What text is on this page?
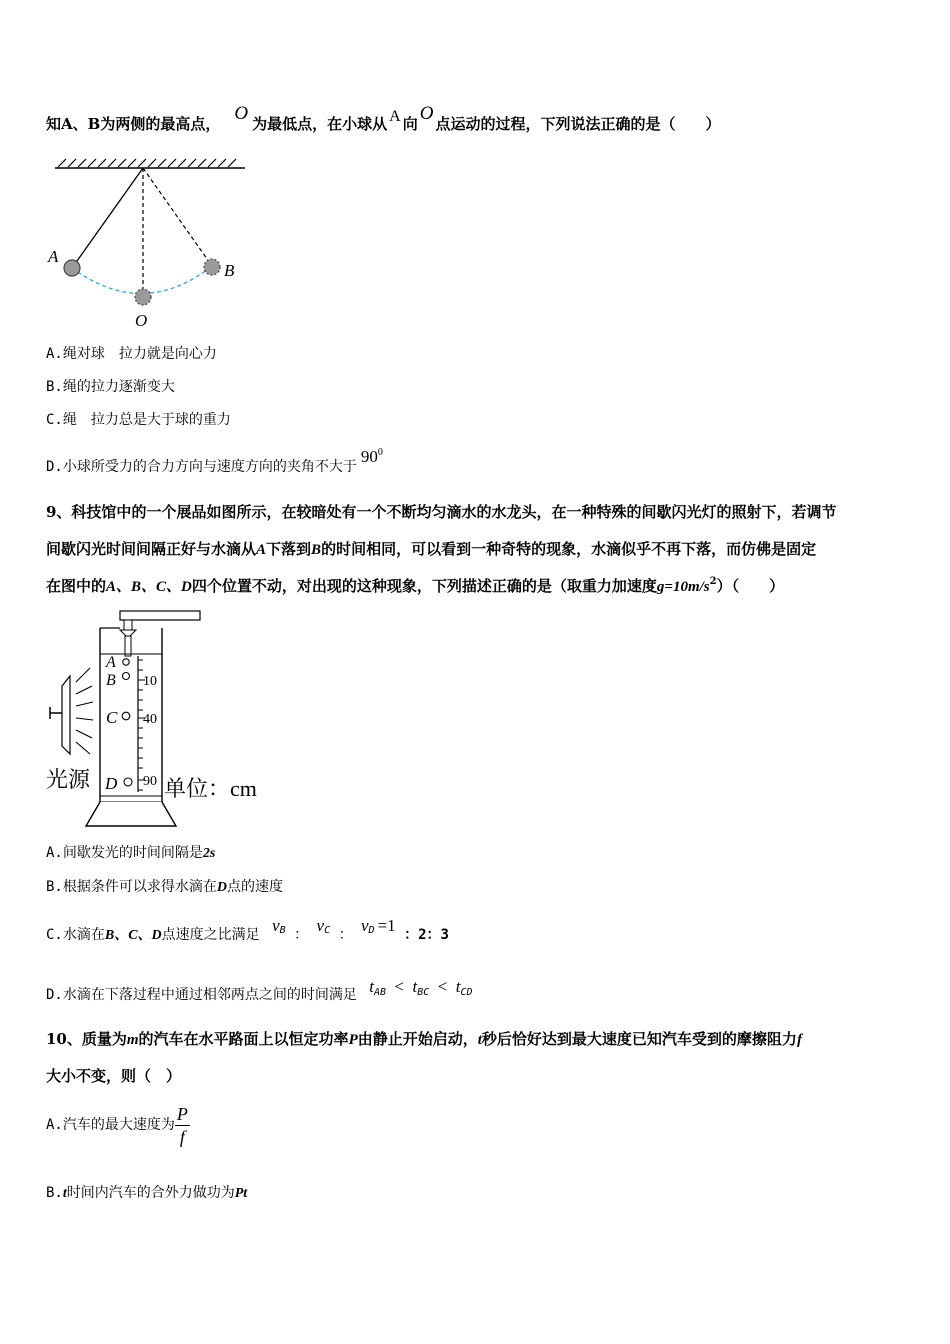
知A、B为两侧的最高点， O 为最低点，在小球从 A 向 O 点运动的过程，下列说法正确的是（　　）
A
B
O
A.绳对球　拉力就是向心力
B.绳的拉力逐渐变大
C.绳　拉力总是大于球的重力
D.小球所受力的合力方向与速度方向的夹角不大于$90^0$
9、科技馆中的一个展品如图所示，在较暗处有一个不断均匀滴水的水龙头，在一种特殊的间歇闪光灯的照射下，若调节
间歇闪光时间间隔正好与水滴从A下落到B的时间相同，可以看到一种奇特的现象，水滴似乎不再下落，而仿佛是固定
在图中的A、B、C、D四个位置不动，对出现的这种现象，下列描述正确的是（取重力加速度$g=10m/s^2$）（　　）
10
40
90
A
B
C
D
光源	单位：cm
A.间歇发光的时间间隔是2s
B.根据条件可以求得水滴在D点的速度
C.水滴在B、C、D点速度之比满足 vB ： vC ： vD =1 ：2：3
D.水滴在下落过程中通过相邻两点之间的时间满足 $t_{AB} < t_{BC} < t_{CD}$
10、质量为m的汽车在水平路面上以恒定功率P由静止开始启动，t秒后恰好达到最大速度已知汽车受到的摩擦阻力f
大小不变，则（　）
A.汽车的最大速度为 $\frac{P}{f}$
B.t时间内汽车的合外力做功为Pt
